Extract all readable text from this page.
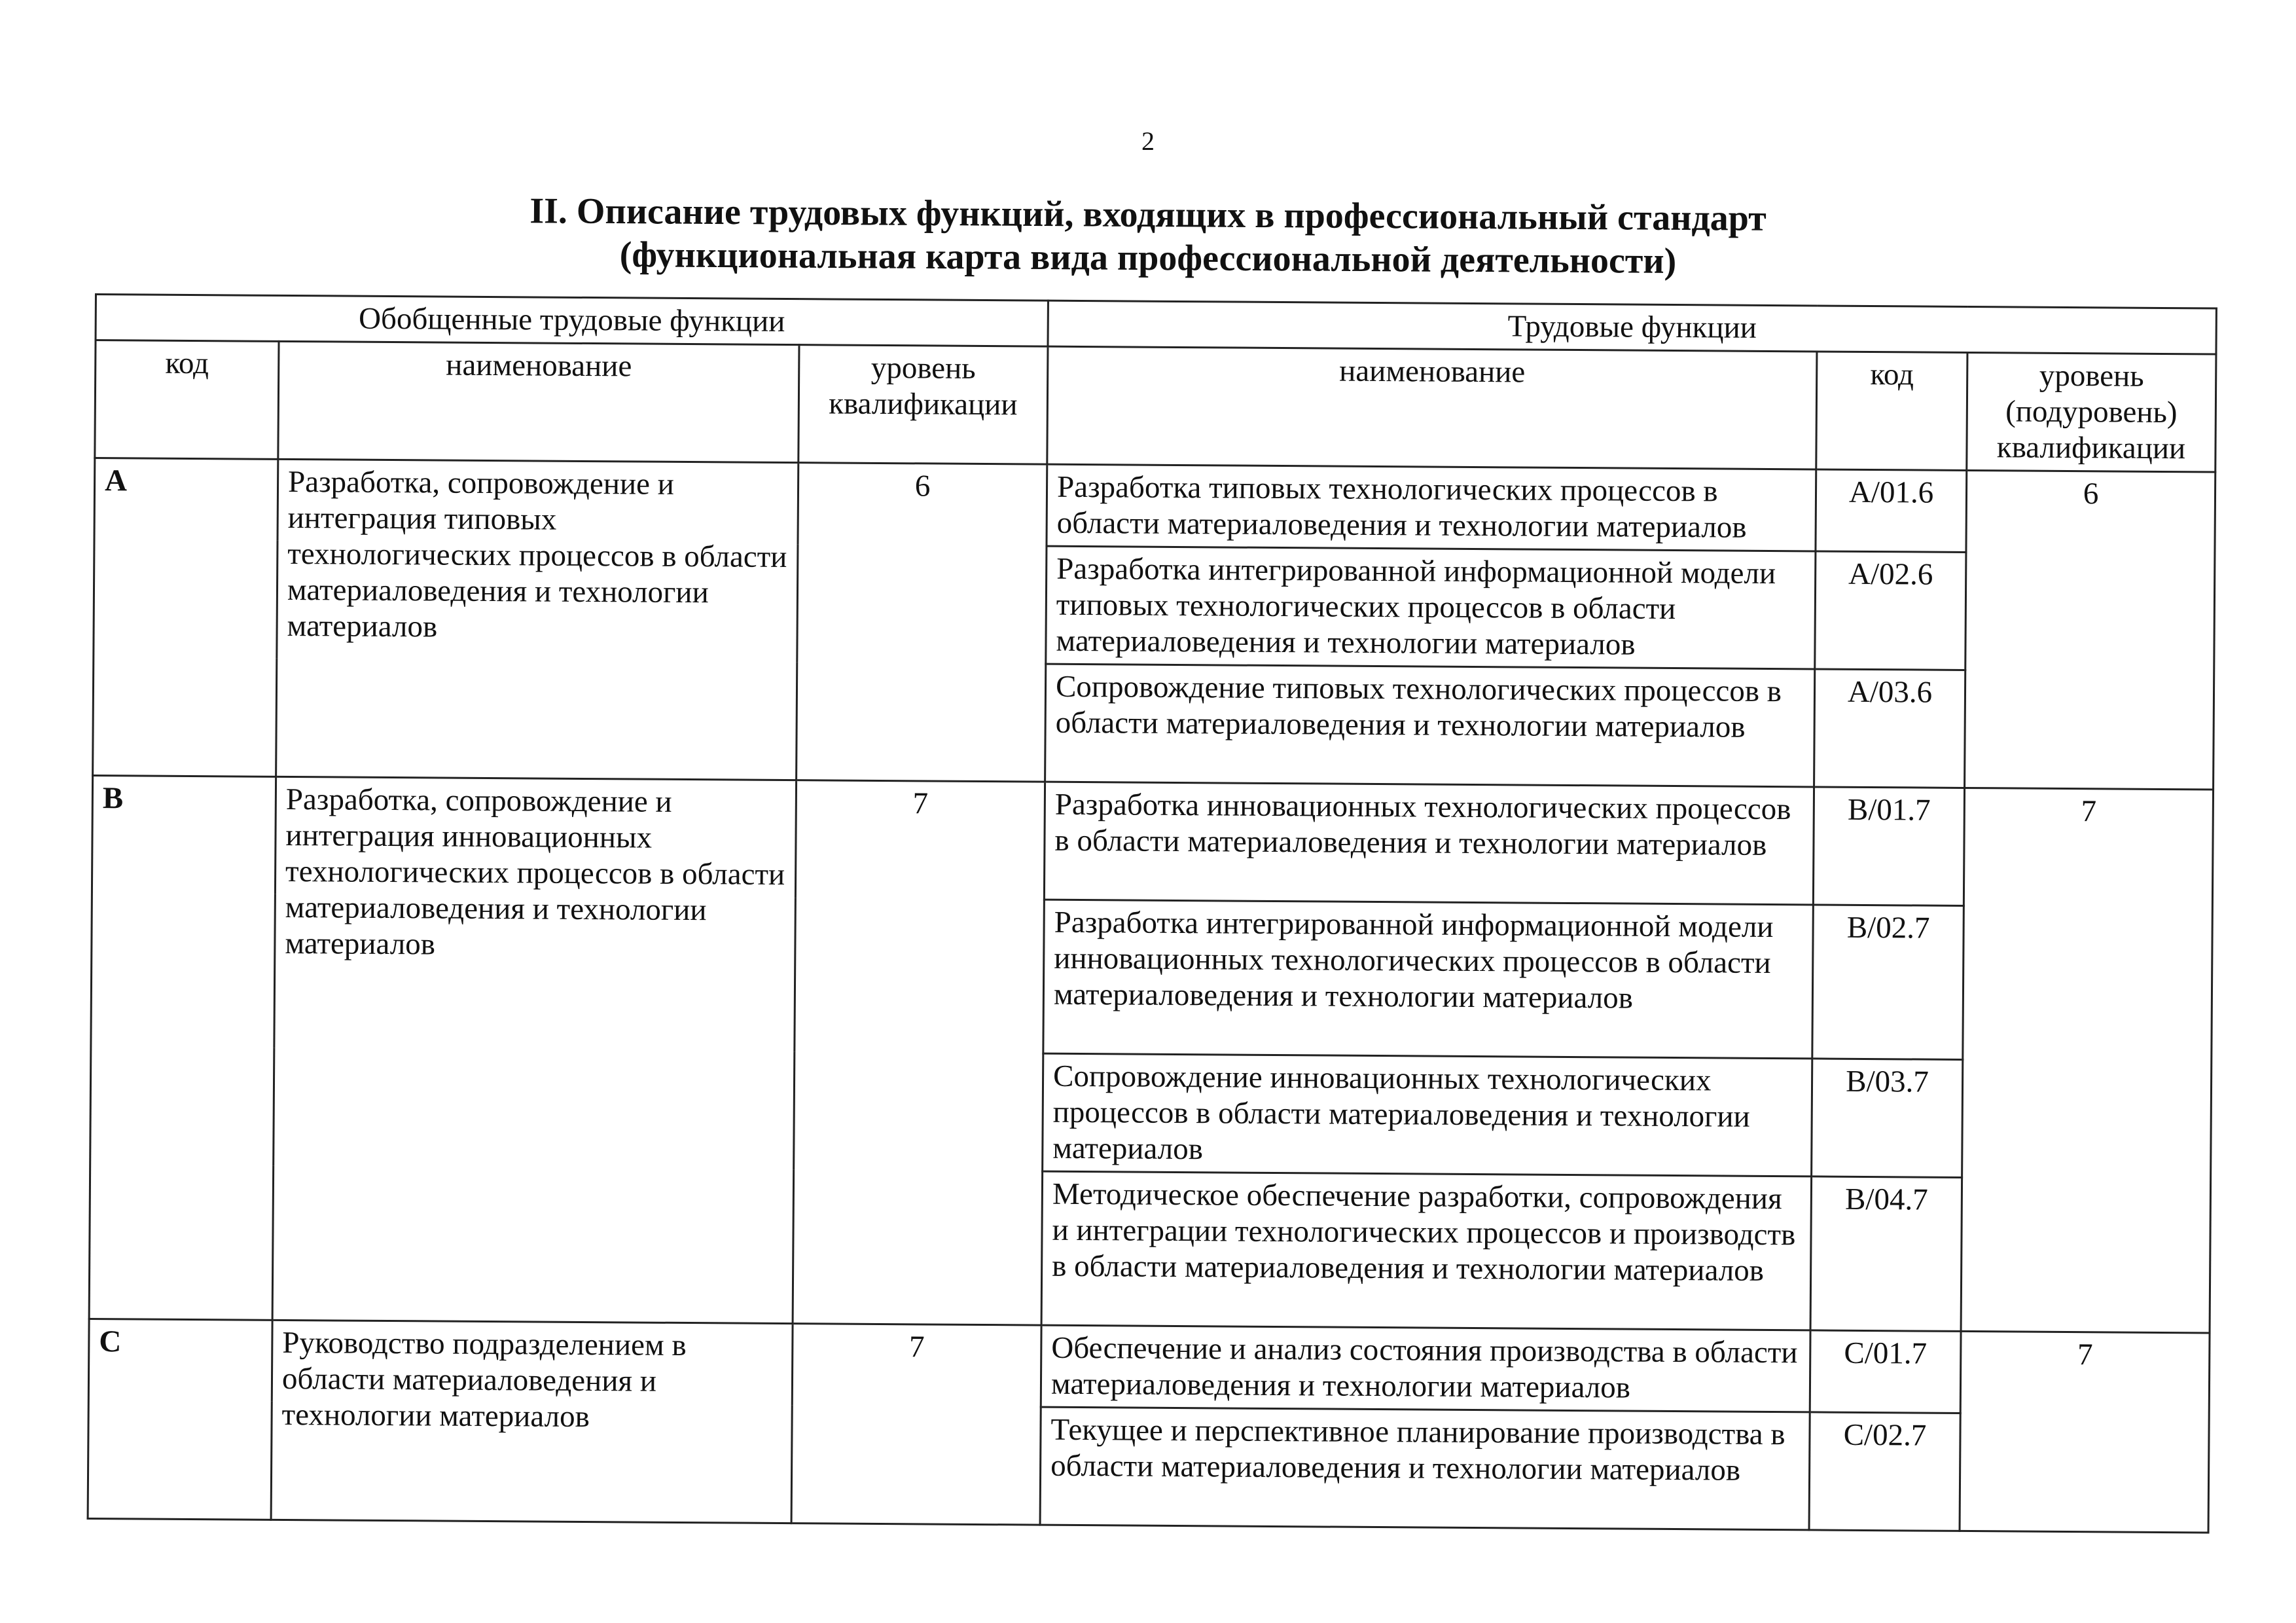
2
II. Описание трудовых функций, входящих в профессиональный стандарт
(функциональная карта вида профессиональной деятельности)
Обобщенные трудовые функции			Трудовые функции		
код	наименование	уровень квалификации	наименование	код	уровень (подуровень) квалификации
A	Разработка, сопровождение и интеграция типовых технологических процессов в области материаловедения и технологии материалов	6	Разработка типовых технологических процессов в области материаловедения и технологии материалов	A/01.6	6
			Разработка интегрированной информационной модели типовых технологических процессов в области материаловедения и технологии материалов	A/02.6	
			Сопровождение типовых технологических процессов в области материаловедения и технологии материалов	A/03.6	
B	Разработка, сопровождение и интеграция инновационных технологических процессов в области материаловедения и технологии материалов	7	Разработка инновационных технологических процессов в области материаловедения и технологии материалов	B/01.7	7
			Разработка интегрированной информационной модели инновационных технологических процессов в области материаловедения и технологии материалов	B/02.7	
			Сопровождение инновационных технологических процессов в области материаловедения и технологии материалов	B/03.7	
			Методическое обеспечение разработки, сопровождения и интеграции технологических процессов и производств в области материаловедения и технологии материалов	B/04.7	
C	Руководство подразделением в области материаловедения и технологии материалов	7	Обеспечение и анализ состояния производства в области материаловедения и технологии материалов	C/01.7	7
			Текущее и перспективное планирование производства в области материаловедения и технологии материалов	C/02.7	
